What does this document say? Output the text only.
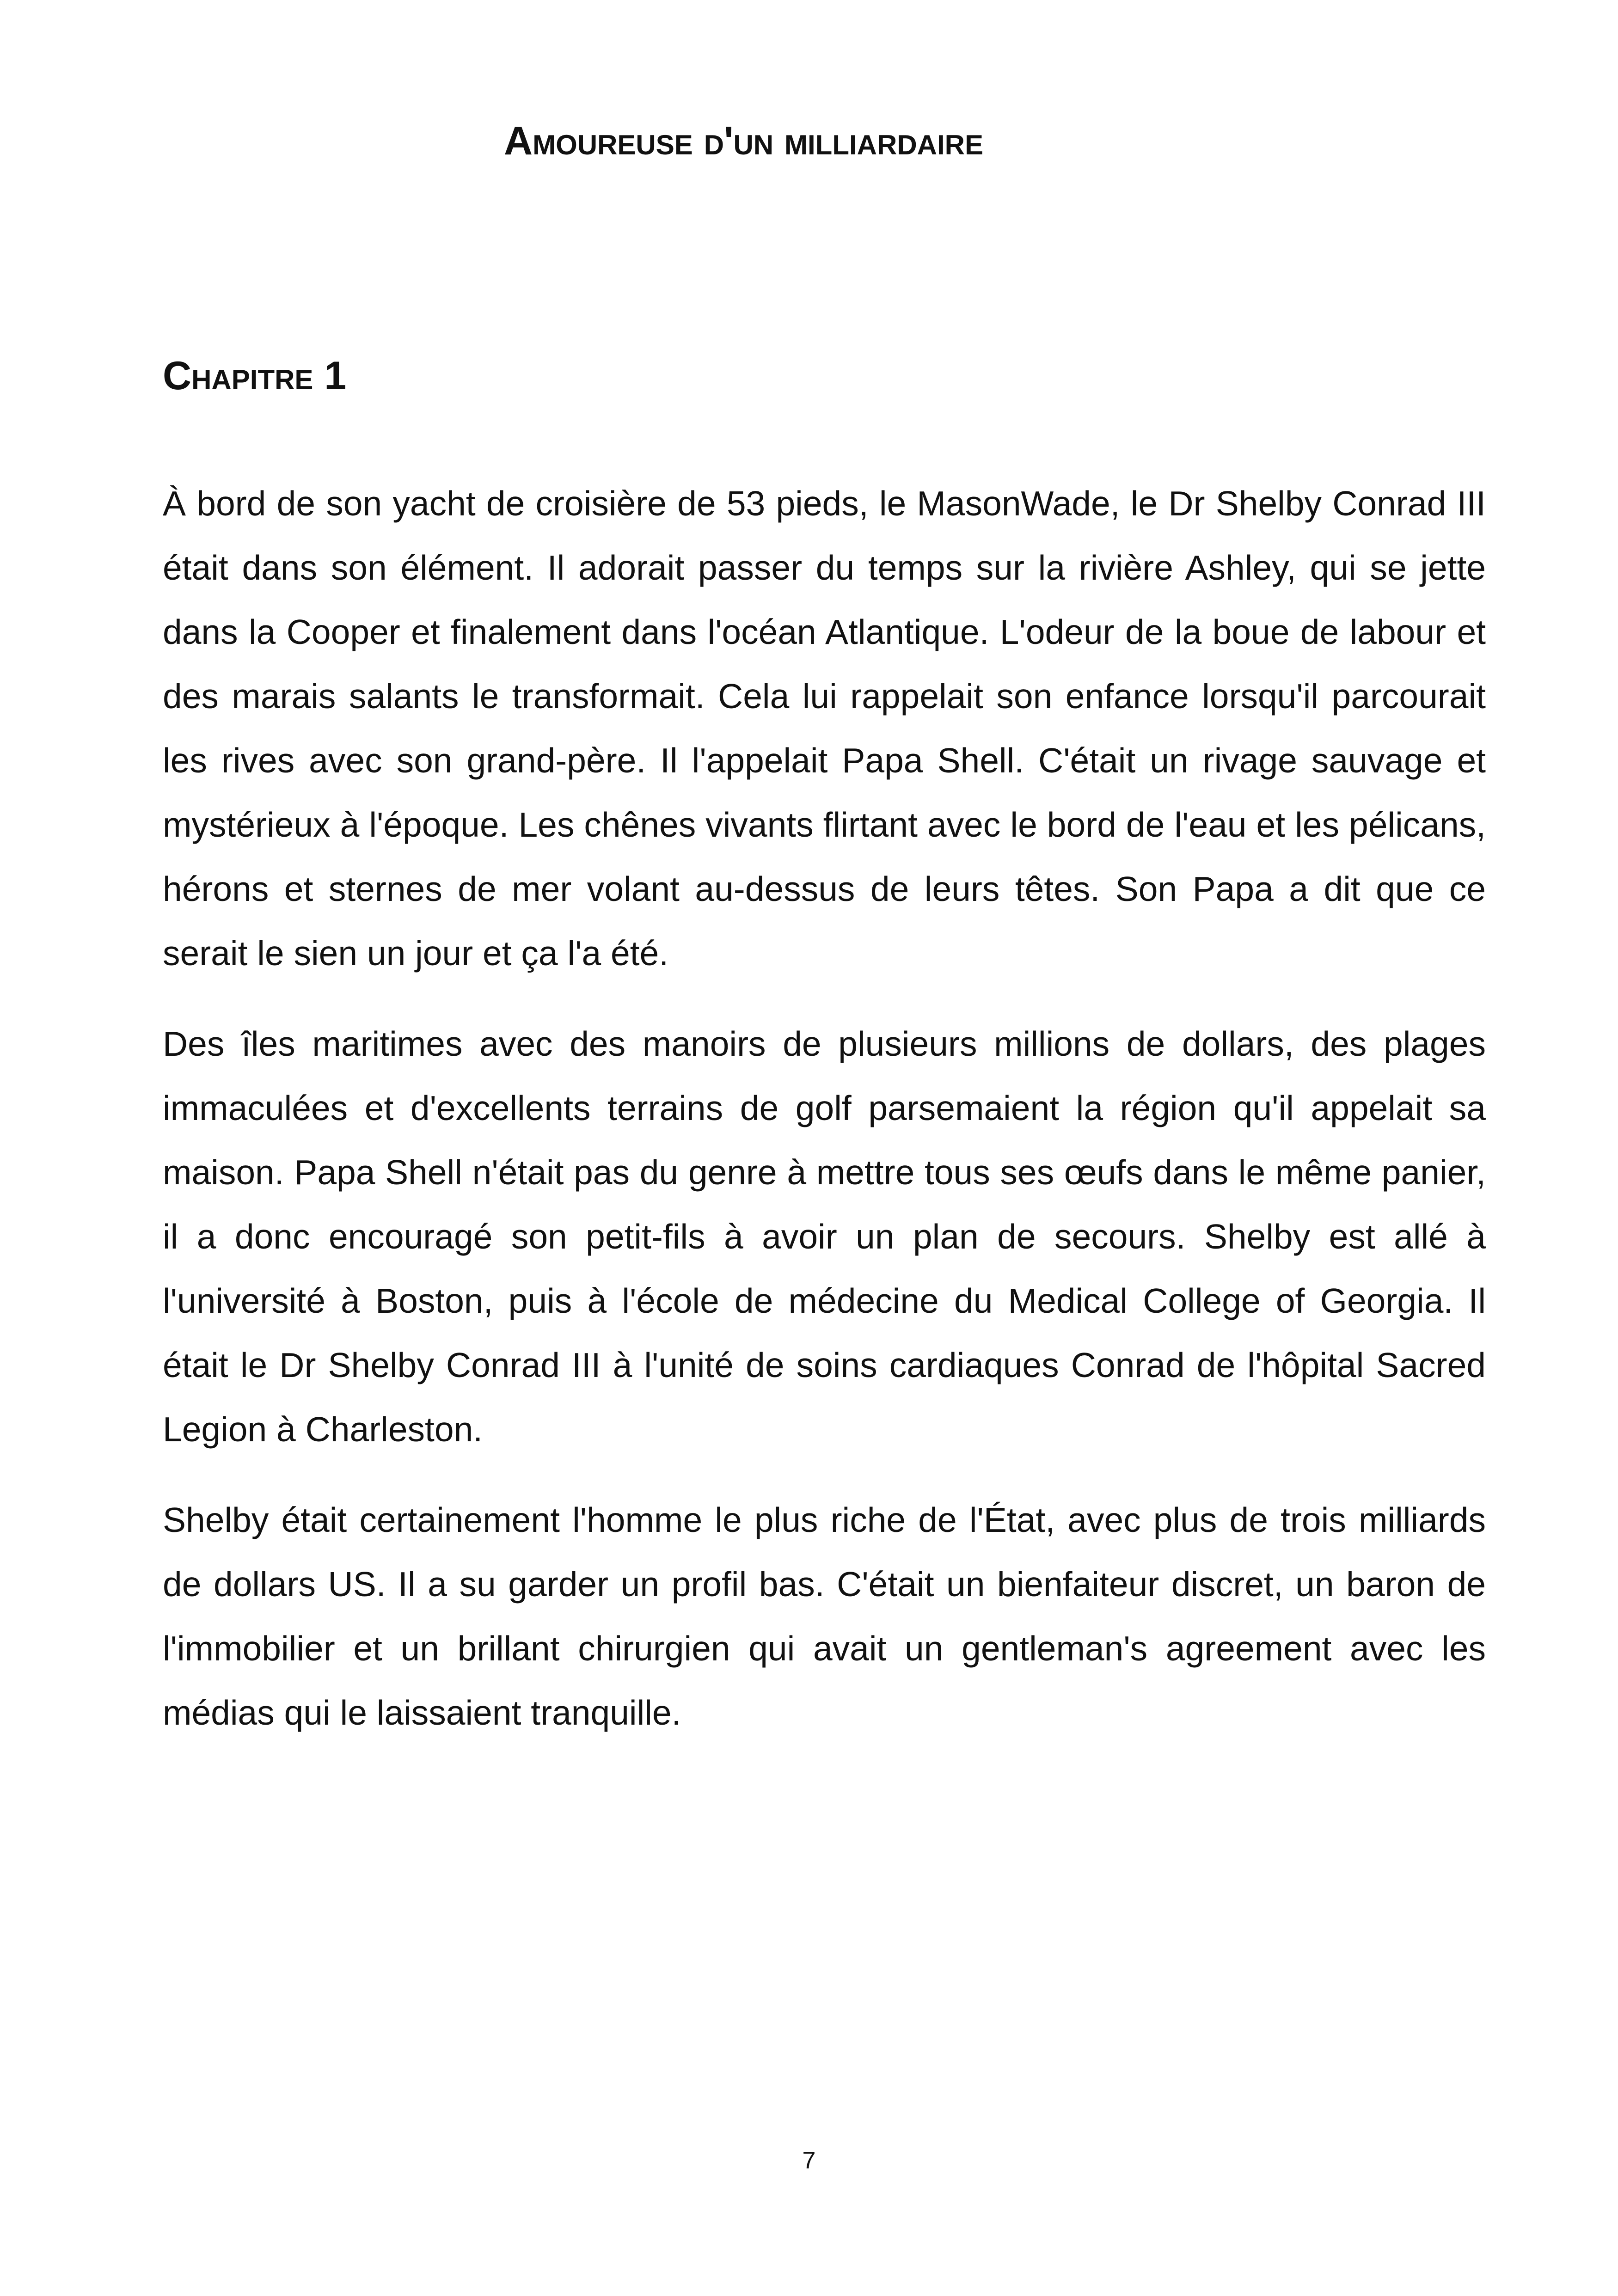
Amoureuse d'un milliardaire
Chapitre 1

À bord de son yacht de croisière de 53 pieds, le MasonWade, le Dr Shelby Conrad III était dans son élément. Il adorait passer du temps sur la rivière Ashley, qui se jette dans la Cooper et finalement dans l'océan Atlantique. L'odeur de la boue de labour et des marais salants le transformait. Cela lui rappelait son enfance lorsqu'il parcourait les rives avec son grand-père. Il l'appelait Papa Shell. C'était un rivage sauvage et mystérieux à l'époque. Les chênes vivants flirtant avec le bord de l'eau et les pélicans, hérons et sternes de mer volant au-dessus de leurs têtes. Son Papa a dit que ce serait le sien un jour et ça l'a été.

Des îles maritimes avec des manoirs de plusieurs millions de dollars, des plages immaculées et d'excellents terrains de golf parsemaient la région qu'il appelait sa maison. Papa Shell n'était pas du genre à mettre tous ses œufs dans le même panier, il a donc encouragé son petit-fils à avoir un plan de secours. Shelby est allé à l'université à Boston, puis à l'école de médecine du Medical College of Georgia. Il était le Dr Shelby Conrad III à l'unité de soins cardiaques Conrad de l'hôpital Sacred Legion à Charleston.

Shelby était certainement l'homme le plus riche de l'État, avec plus de trois milliards de dollars US. Il a su garder un profil bas. C'était un bienfaiteur discret, un baron de l'immobilier et un brillant chirurgien qui avait un gentleman's agreement avec les médias qui le laissaient tranquille.

7
